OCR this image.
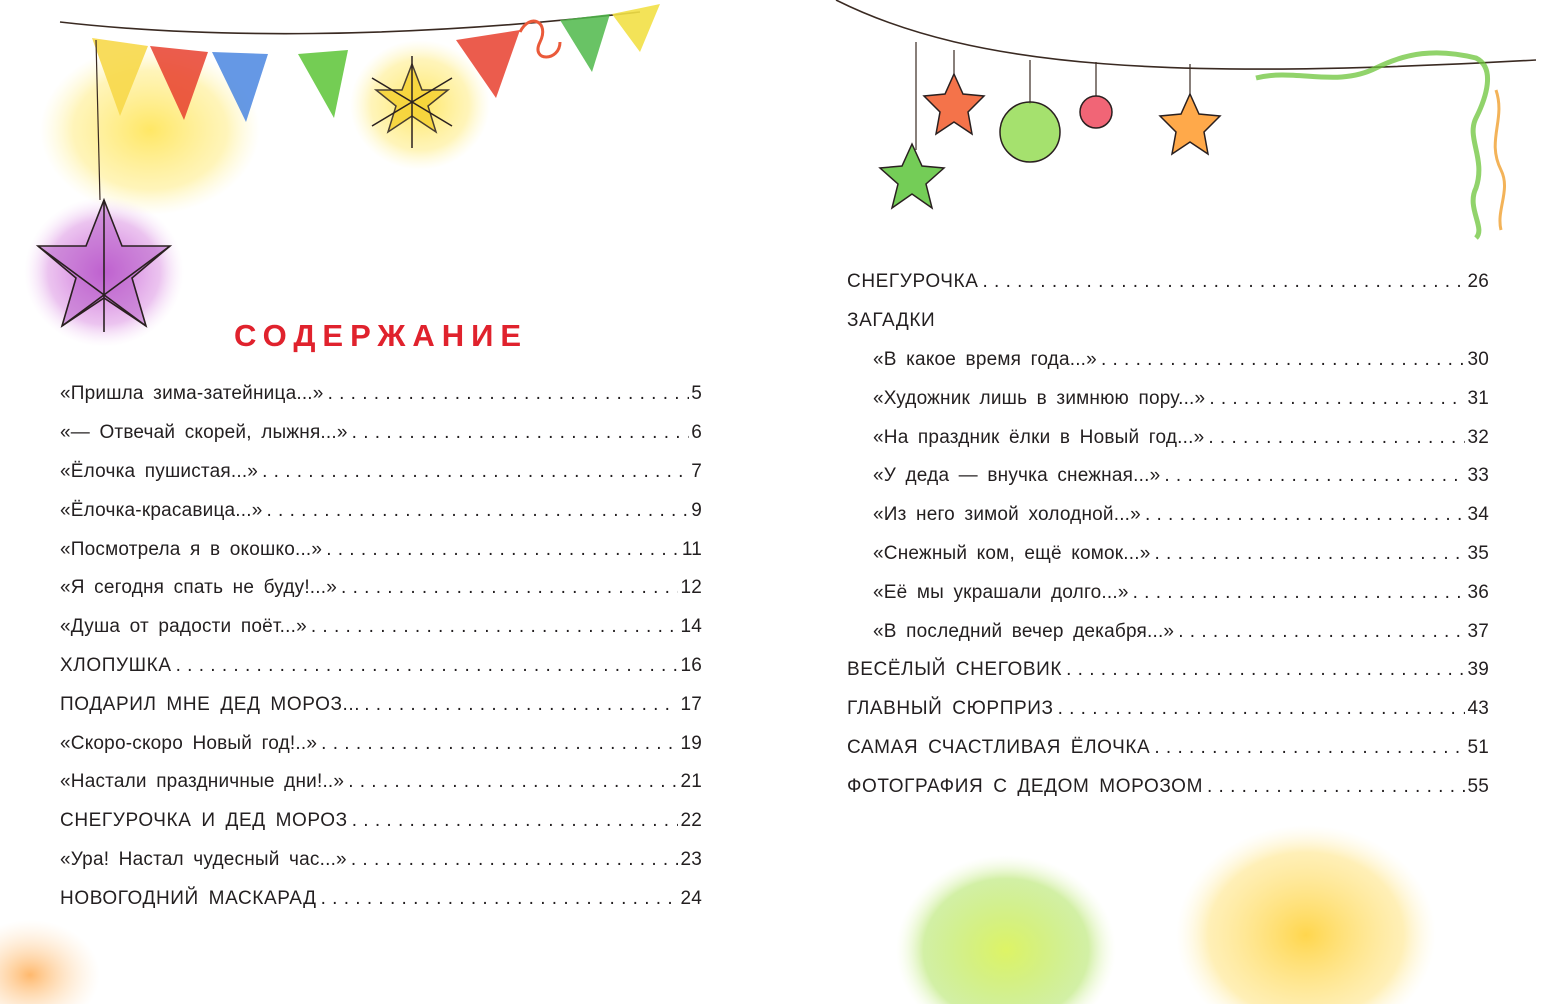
СОДЕРЖАНИЕ
«Пришла зима-затейница...» . . .	5
«— Отвечай скорей, лыжня...» . . .	6
«Ёлочка пушистая...» . . .	7
«Ёлочка-красавица...» . . .	9
«Посмотрела я в окошко...» . . .	11
«Я сегодня спать не буду!...» . . .	12
«Душа от радости поёт...» . . .	14
ХЛОПУШКА . . .	16
ПОДАРИЛ МНЕ ДЕД МОРОЗ... . . .	17
«Скоро-скоро Новый год!..» . . .	19
«Настали праздничные дни!..» . . .	21
СНЕГУРОЧКА И ДЕД МОРОЗ . . .	22
«Ура! Настал чудесный час...» . . .	23
НОВОГОДНИЙ МАСКАРАД . . .	24
СНЕГУРОЧКА . . .	26
ЗАГАДКИ
«В какое время года...» . . .	30
«Художник лишь в зимнюю пору...» . . .	31
«На праздник ёлки в Новый год...» . . .	32
«У деда — внучка снежная...» . . .	33
«Из него зимой холодной...» . . .	34
«Снежный ком, ещё комок...» . . .	35
«Её мы украшали долго...» . . .	36
«В последний вечер декабря...» . . .	37
ВЕСЁЛЫЙ СНЕГОВИК . . .	39
ГЛАВНЫЙ СЮРПРИЗ . . .	43
САМАЯ СЧАСТЛИВАЯ ЁЛОЧКА . . .	51
ФОТОГРАФИЯ С ДЕДОМ МОРОЗОМ . . .	55
